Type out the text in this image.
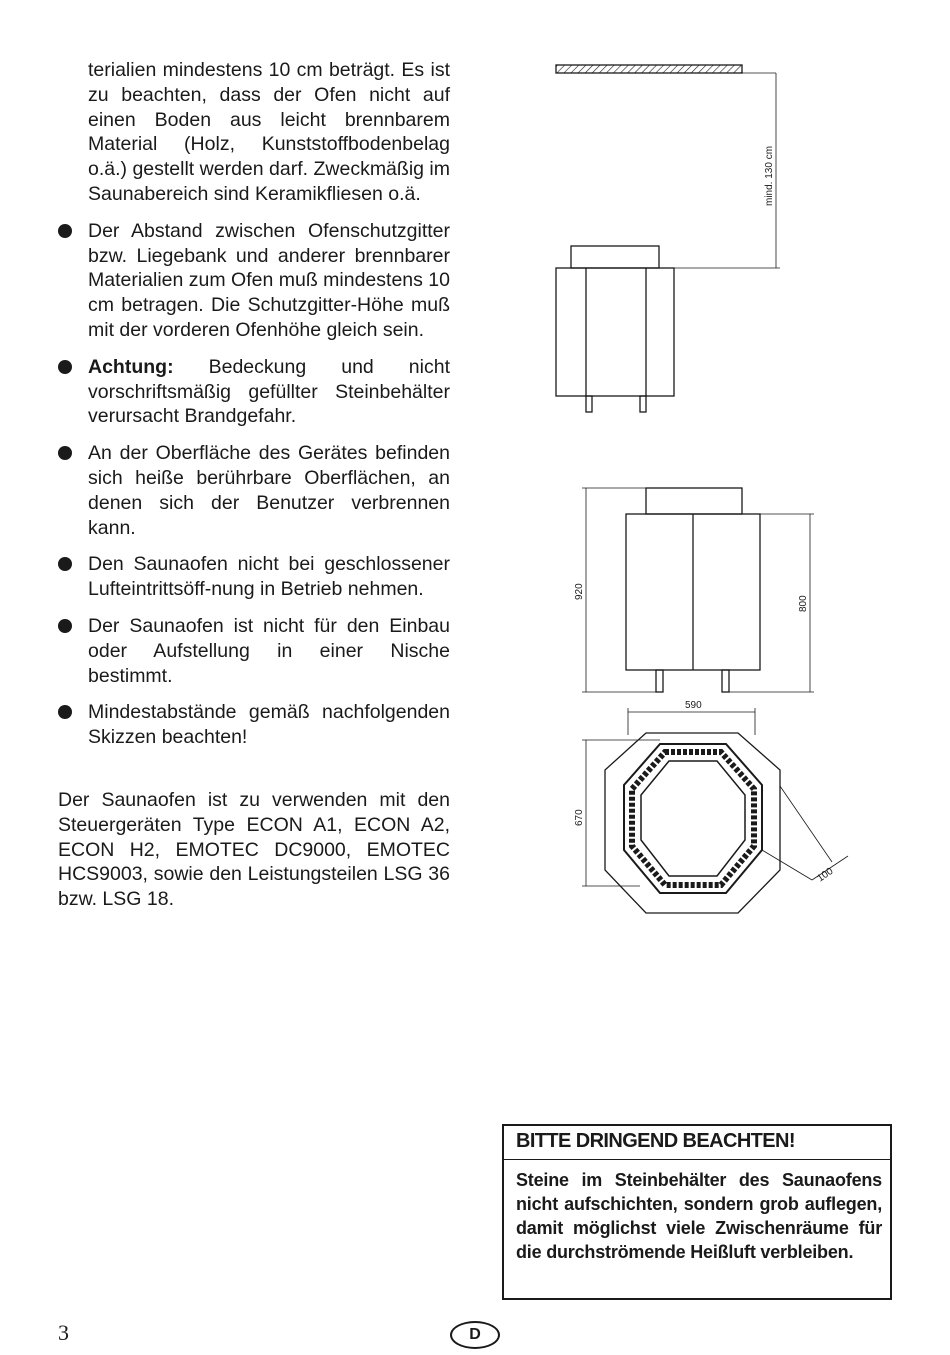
terialien mindestens 10 cm beträgt. Es ist zu beachten, dass der Ofen nicht auf einen Boden aus leicht brennbarem Material (Holz, Kunststoffbodenbelag o.ä.) gestellt werden darf. Zweckmäßig im Saunabereich sind Keramikfliesen o.ä.
Der Abstand zwischen Ofenschutzgitter bzw. Liegebank und anderer brennbarer Materialien zum Ofen muß mindestens 10 cm betragen. Die Schutzgitter-Höhe muß mit der vorderen Ofenhöhe gleich sein.
Achtung: Bedeckung und nicht vorschriftsmäßig gefüllter Steinbehälter verursacht Brandgefahr.
An der Oberfläche des Gerätes befinden sich heiße berührbare Oberflächen, an denen sich der Benutzer verbrennen kann.
Den Saunaofen nicht bei geschlossener Lufteintrittsöff-nung in Betrieb nehmen.
Der Saunaofen ist nicht für den Einbau oder Aufstellung in einer Nische bestimmt.
Mindestabstände gemäß nachfolgenden Skizzen beachten!
Der Saunaofen ist zu verwenden mit den Steuergeräten Type ECON A1, ECON A2, ECON H2, EMOTEC DC9000, EMOTEC HCS9003, sowie den Leistungsteilen LSG 36 bzw. LSG 18.
mind. 130 cm
920
800
590
670
100
BITTE DRINGEND BEACHTEN!
Steine im Steinbehälter des Saunaofens nicht aufschichten, sondern grob auflegen, damit möglichst viele Zwischenräume für die durchströmende Heißluft verbleiben.
3	D
